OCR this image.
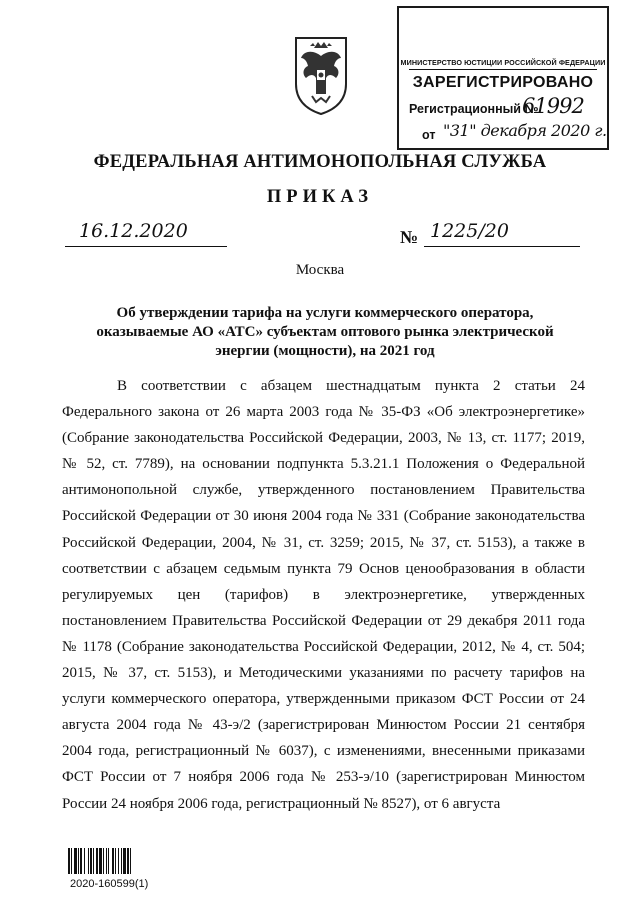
МИНИСТЕРСТВО ЮСТИЦИИ РОССИЙСКОЙ ФЕДЕРАЦИИ
ЗАРЕГИСТРИРОВАНО
Регистрационный №
61992
от "31" декабря 2020 г.
ФЕДЕРАЛЬНАЯ АНТИМОНОПОЛЬНАЯ СЛУЖБА
ПРИКАЗ
16.12.2020	№ 1225/20
Москва
Об утверждении тарифа на услуги коммерческого оператора, оказываемые АО «АТС» субъектам оптового рынка электрической энергии (мощности), на 2021 год

В соответствии с абзацем шестнадцатым пункта 2 статьи 24 Федерального закона от 26 марта 2003 года № 35-ФЗ «Об электроэнергетике» (Собрание законодательства Российской Федерации, 2003, № 13, ст. 1177; 2019, № 52, ст. 7789), на основании подпункта 5.3.21.1 Положения о Федеральной антимонопольной службе, утвержденного постановлением Правительства Российской Федерации от 30 июня 2004 года № 331 (Собрание законодательства Российской Федерации, 2004, № 31, ст. 3259; 2015, № 37, ст. 5153), а также в соответствии с абзацем седьмым пункта 79 Основ ценообразования в области регулируемых цен (тарифов) в электроэнергетике, утвержденных постановлением Правительства Российской Федерации от 29 декабря 2011 года № 1178 (Собрание законодательства Российской Федерации, 2012, № 4, ст. 504; 2015, № 37, ст. 5153), и Методическими указаниями по расчету тарифов на услуги коммерческого оператора, утвержденными приказом ФСТ России от 24 августа 2004 года № 43-э/2 (зарегистрирован Минюстом России 21 сентября 2004 года, регистрационный № 6037), с изменениями, внесенными приказами ФСТ России от 7 ноября 2006 года № 253-э/10 (зарегистрирован Минюстом России 24 ноября 2006 года, регистрационный № 8527), от 6 августа

2020-160599(1)
